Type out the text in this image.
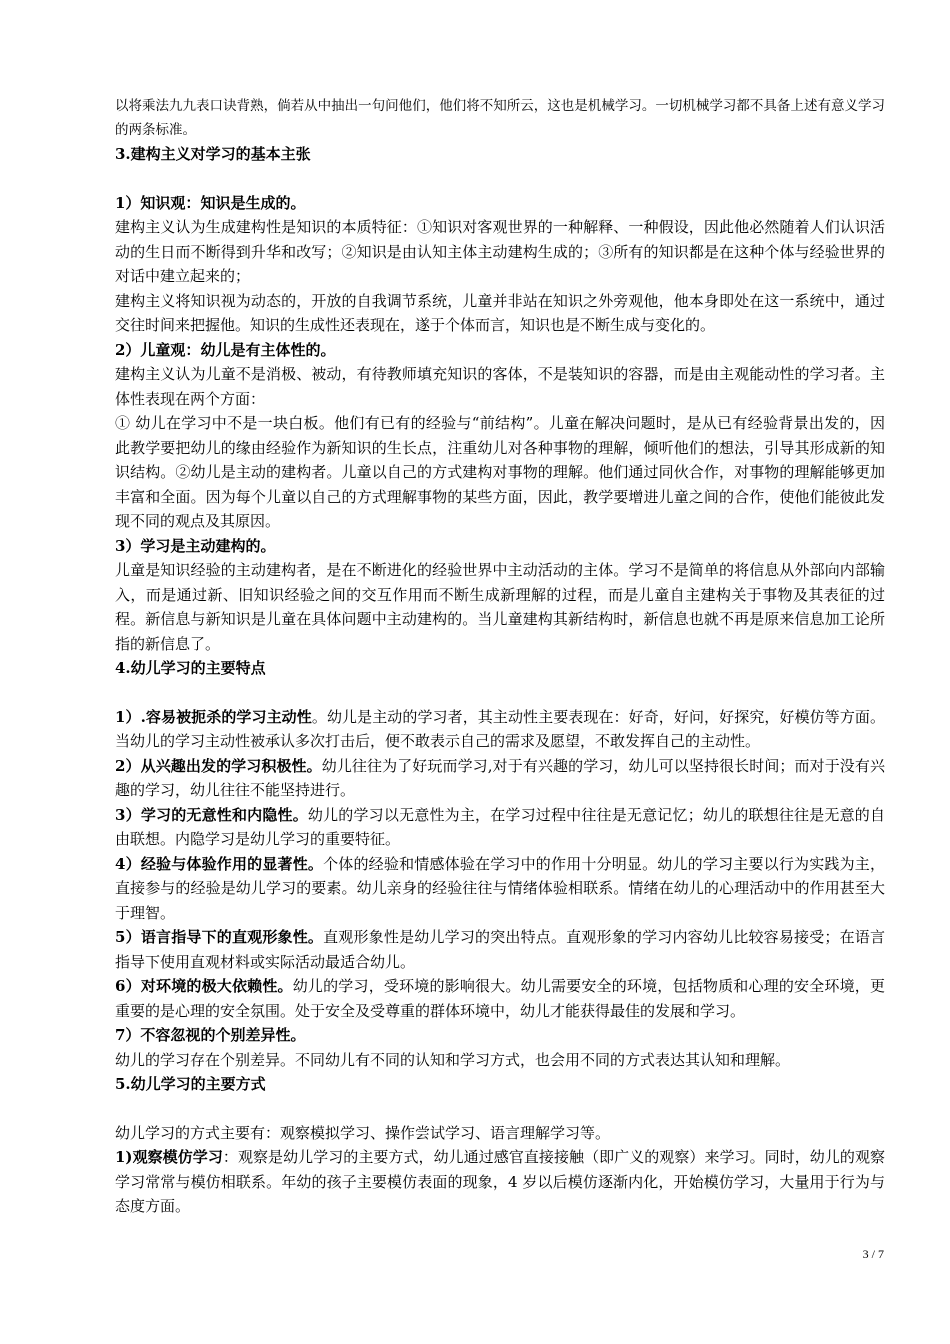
以将乘法九九表口诀背熟，倘若从中抽出一句问他们，他们将不知所云，这也是机械学习。一切机械学习都不具备上述有意义学习的两条标准。

3.建构主义对学习的基本主张

1）知识观：知识是生成的。

建构主义认为生成建构性是知识的本质特征：①知识对客观世界的一种解释、一种假设，因此他必然随着人们认识活动的生日而不断得到升华和改写；②知识是由认知主体主动建构生成的；③所有的知识都是在这种个体与经验世界的对话中建立起来的；

建构主义将知识视为动态的，开放的自我调节系统，儿童并非站在知识之外旁观他，他本身即处在这一系统中，通过交往时间来把握他。知识的生成性还表现在，遂于个体而言，知识也是不断生成与变化的。

2）儿童观：幼儿是有主体性的。

建构主义认为儿童不是消极、被动，有待教师填充知识的客体，不是装知识的容器，而是由主观能动性的学习者。主体性表现在两个方面：

① 幼儿在学习中不是一块白板。他们有已有的经验与“前结构”。儿童在解决问题时，是从已有经验背景出发的，因此教学要把幼儿的缘由经验作为新知识的生长点，注重幼儿对各种事物的理解，倾听他们的想法，引导其形成新的知识结构。②幼儿是主动的建构者。儿童以自己的方式建构对事物的理解。他们通过同伙合作，对事物的理解能够更加丰富和全面。因为每个儿童以自己的方式理解事物的某些方面，因此，教学要增进儿童之间的合作，使他们能彼此发现不同的观点及其原因。

3）学习是主动建构的。

儿童是知识经验的主动建构者，是在不断进化的经验世界中主动活动的主体。学习不是简单的将信息从外部向内部输入，而是通过新、旧知识经验之间的交互作用而不断生成新理解的过程，而是儿童自主建构关于事物及其表征的过程。新信息与新知识是儿童在具体问题中主动建构的。当儿童建构其新结构时，新信息也就不再是原来信息加工论所指的新信息了。

4.幼儿学习的主要特点

1）.容易被扼杀的学习主动性。幼儿是主动的学习者，其主动性主要表现在：好奇，好问，好探究，好模仿等方面。当幼儿的学习主动性被承认多次打击后，便不敢表示自己的需求及愿望，不敢发挥自己的主动性。

2）从兴趣出发的学习积极性。幼儿往往为了好玩而学习,对于有兴趣的学习，幼儿可以坚持很长时间；而对于没有兴趣的学习，幼儿往往不能坚持进行。

3）学习的无意性和内隐性。幼儿的学习以无意性为主，在学习过程中往往是无意记忆；幼儿的联想往往是无意的自由联想。内隐学习是幼儿学习的重要特征。

4）经验与体验作用的显著性。个体的经验和情感体验在学习中的作用十分明显。幼儿的学习主要以行为实践为主，直接参与的经验是幼儿学习的要素。幼儿亲身的经验往往与情绪体验相联系。情绪在幼儿的心理活动中的作用甚至大于理智。

5）语言指导下的直观形象性。直观形象性是幼儿学习的突出特点。直观形象的学习内容幼儿比较容易接受；在语言指导下使用直观材料或实际活动最适合幼儿。

6）对环境的极大依赖性。幼儿的学习，受环境的影响很大。幼儿需要安全的环境，包括物质和心理的安全环境，更重要的是心理的安全氛围。处于安全及受尊重的群体环境中，幼儿才能获得最佳的发展和学习。

7）不容忽视的个别差异性。

幼儿的学习存在个别差异。不同幼儿有不同的认知和学习方式，也会用不同的方式表达其认知和理解。

5.幼儿学习的主要方式

幼儿学习的方式主要有：观察模拟学习、操作尝试学习、语言理解学习等。

1)观察模仿学习：观察是幼儿学习的主要方式，幼儿通过感官直接接触（即广义的观察）来学习。同时，幼儿的观察学习常常与模仿相联系。年幼的孩子主要模仿表面的现象，4 岁以后模仿逐渐内化，开始模仿学习，大量用于行为与态度方面。

3 / 7
